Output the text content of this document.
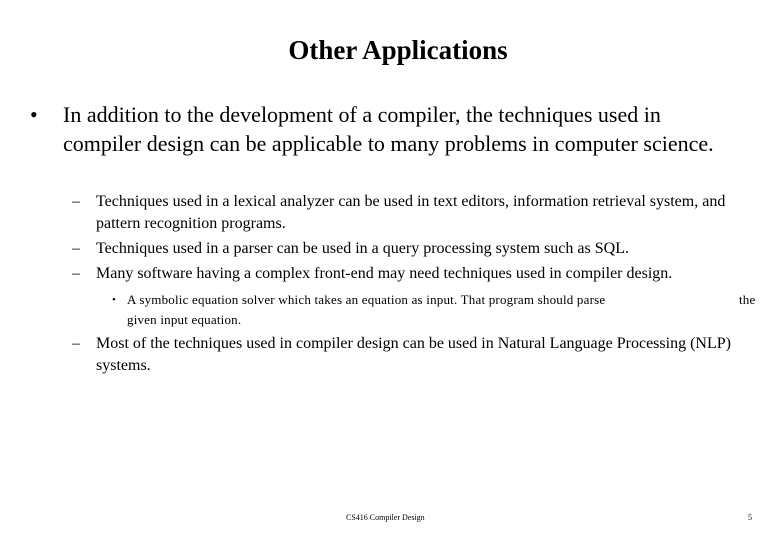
Other Applications
•	In addition to the development of a compiler, the techniques used in compiler design can be applicable to many problems in computer science.
– Techniques used in a lexical analyzer can be used in text editors, information retrieval system, and pattern recognition programs.
– Techniques used in a parser can be used in a query processing system such as SQL.
– Many software having a complex front-end may need techniques used in compiler design.
• A symbolic equation solver which takes an equation as input. That program should parse	the
given input equation.
– Most of the techniques used in compiler design can be used in Natural Language Processing (NLP) systems.
CS416 Compiler Design	5
